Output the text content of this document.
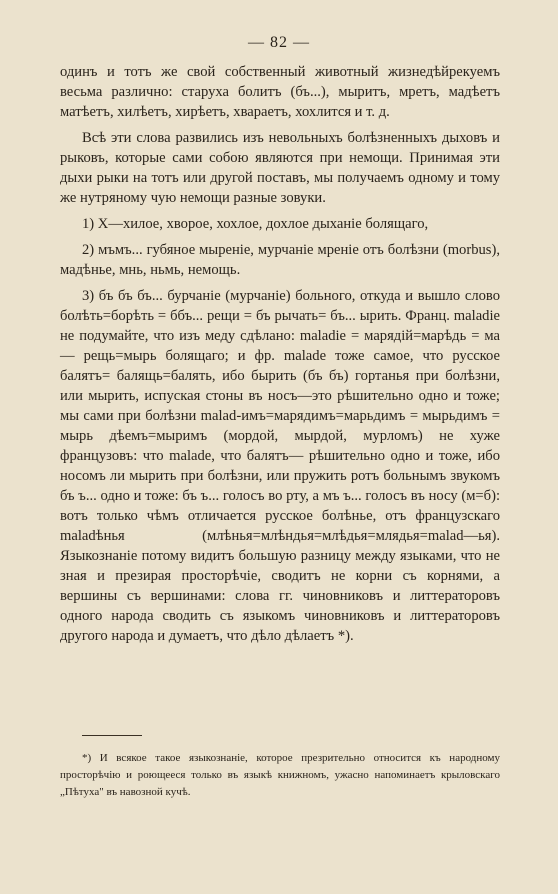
— 82 —

одинъ и тотъ же свой собственный животный жизнедѣйрекуемъ весьма различно: старуха болитъ (бъ...), мыритъ, мретъ, мадѣетъ матѣетъ, хилѣетъ, хирѣетъ, хвараетъ, хохлится и т. д.

Всѣ эти слова развились изъ невольныхъ болѣзненныхъ дыховъ и рыковъ, которые сами собою являются при немощи. Принимая эти дыхи рыки на тотъ или другой поставъ, мы получаемъ одному и тому же нутряному чую немощи разные зовуки.

1) X—хилое, хворое, хохлое, дохлое дыханіе болящаго,

2) мъмъ... губяное мыреніе, мурчаніе мреніе отъ болѣзни (morbus), мадѣнье, мнь, ньмь, немощь.

3) бъ бъ бъ... бурчаніе (мурчаніе) больного, откуда и вышло слово болѣть=борѣть = ббъ... рещи = бъ рычать= бъ... ырить. Франц. maladie не подумайте, что изъ меду сдѣлано: maladie = марядій=марѣдь = ма — рещь=мырь болящаго; и фр. malade тоже самое, что русское балятъ= балящь=балять, ибо бырить (бъ бъ) гортанья при болѣзни, или мырить, испуская стоны въ носъ—это рѣшительно одно и тоже; мы сами при болѣзни malad-имъ=марядимъ=марьдимъ = мырьдимъ = мырь дѣемъ=мыримъ (мордой, мырдой, мурломъ) не хуже французовъ: что malade, что балятъ— рѣшительно одно и тоже, ибо носомъ ли мырить при болѣзни, или пружить ротъ больнымъ звукомъ бъ ъ... одно и тоже: бъ ъ... голосъ во рту, а мъ ъ... голосъ въ носу (м=б): вотъ только чѣмъ отличается русское болѣнье, отъ французскаго maladѣнья (млѣнья=млѣндья=млѣдья=млядья=malad—ья). Языкознаніе потому видитъ большую разницу между языками, что не зная и презирая просторѣчіе, сводитъ не корни съ корнями, а вершины съ вершинами: слова гг. чиновниковъ и литтераторовъ одного народа сводить съ языкомъ чиновниковъ и литтераторовъ другого народа и думаетъ, что дѣло дѣлаетъ *).

*) И всякое такое языкознаніе, которое презрительно относится къ народному просторѣчію и роющееся только въ языкѣ книжномъ, ужасно напоминаетъ крыловскаго „Пѣтуха" въ навозной кучѣ.
